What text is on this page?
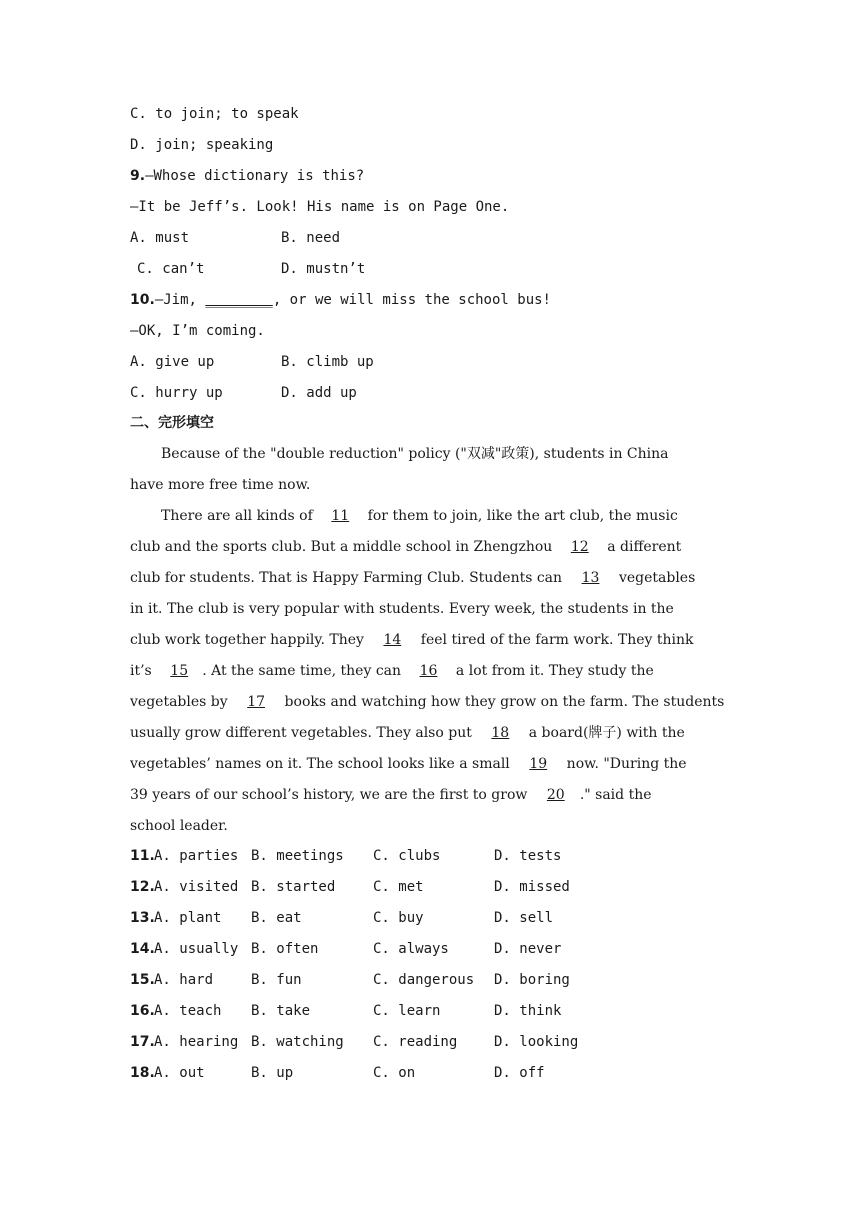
C. to join; to speak
D. join; speaking
9.—Whose dictionary is this?
—It be Jeff’s. Look! His name is on Page One.
A. must	B. need
C. can’t	D. mustn’t
10.—Jim, ________, or we will miss the school bus!
—OK, I’m coming.
A. give up	B. climb up
C. hurry up	D. add up
二、完形填空
Because of the "double reduction" policy ("双减"政策), students in China
have more free time now.
There are all kinds of 11 for them to join, like the art club, the music
club and the sports club. But a middle school in Zhengzhou 12 a different
club for students. That is Happy Farming Club. Students can 13 vegetables
in it. The club is very popular with students. Every week, the students in the
club work together happily. They 14 feel tired of the farm work. They think
it’s 15 . At the same time, they can 16 a lot from it. They study the
vegetables by 17 books and watching how they grow on the farm. The students
usually grow different vegetables. They also put 18 a board(牌子) with the
vegetables’ names on it. The school looks like a small 19 now. "During the
39 years of our school’s history, we are the first to grow 20 ." said the
school leader.
11. A. parties B. meetings C. clubs	D. tests
12. A. visited B. started	C. met	D. missed
13. A. plant B. eat	C. buy	D. sell
14. A. usually B. often	C. always	D. never
15. A. hard	B. fun	C. dangerous D. boring
16. A. teach B. take	C. learn	D. think
17. A. hearing B. watching C. reading	D. looking
18. A. out	B. up	C. on	D. off
